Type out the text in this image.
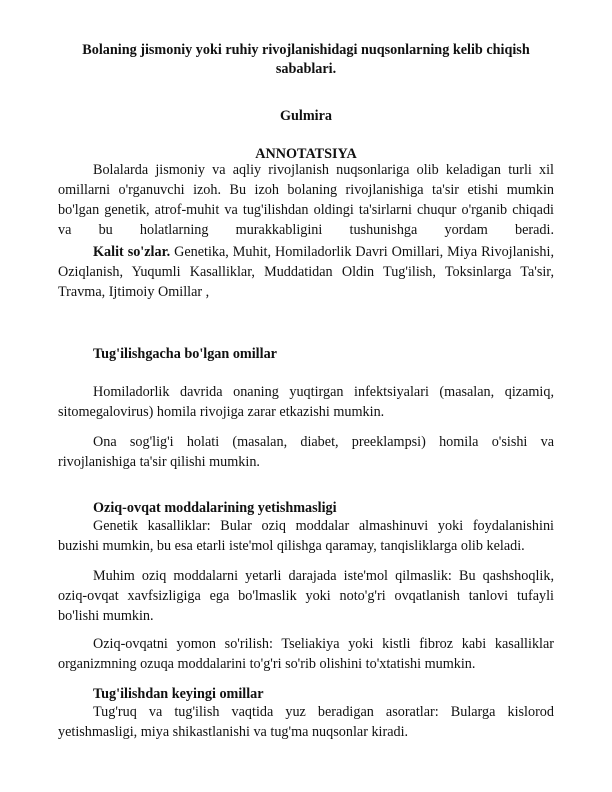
Bolaning jismoniy yoki ruhiy rivojlanishidagi nuqsonlarning kelib chiqish sabablari.
Gulmira
ANNOTATSIYA

Bolalarda jismoniy va aqliy rivojlanish nuqsonlariga olib keladigan turli xil omillarni o'rganuvchi izoh. Bu izoh bolaning rivojlanishiga ta'sir etishi mumkin bo'lgan genetik, atrof-muhit va tug'ilishdan oldingi ta'sirlarni chuqur o'rganib chiqadi va bu holatlarning murakkabligini tushunishga yordam beradi.

Kalit so'zlar. Genetika, Muhit, Homiladorlik Davri Omillari, Miya Rivojlanishi, Oziqlanish, Yuqumli Kasalliklar, Muddatidan Oldin Tug'ilish, Toksinlarga Ta'sir, Travma, Ijtimoiy Omillar ,

Tug'ilishgacha bo'lgan omillar

Homiladorlik davrida onaning yuqtirgan infektsiyalari (masalan, qizamiq, sitomegalovirus) homila rivojiga zarar etkazishi mumkin.

Ona sog'lig'i holati (masalan, diabet, preeklampsi) homila o'sishi va rivojlanishiga ta'sir qilishi mumkin.

Oziq-ovqat moddalarining yetishmasligi

Genetik kasalliklar: Bular oziq moddalar almashinuvi yoki foydalanishini buzishi mumkin, bu esa etarli iste'mol qilishga qaramay, tanqisliklarga olib keladi.

Muhim oziq moddalarni yetarli darajada iste'mol qilmaslik: Bu qashshoqlik, oziq-ovqat xavfsizligiga ega bo'lmaslik yoki noto'g'ri ovqatlanish tanlovi tufayli bo'lishi mumkin.

Oziq-ovqatni yomon so'rilish: Tseliakiya yoki kistli fibroz kabi kasalliklar organizmning ozuqa moddalarini to'g'ri so'rib olishini to'xtatishi mumkin.

Tug'ilishdan keyingi omillar

Tug'ruq va tug'ilish vaqtida yuz beradigan asoratlar: Bularga kislorod yetishmasligi, miya shikastlanishi va tug'ma nuqsonlar kiradi.
